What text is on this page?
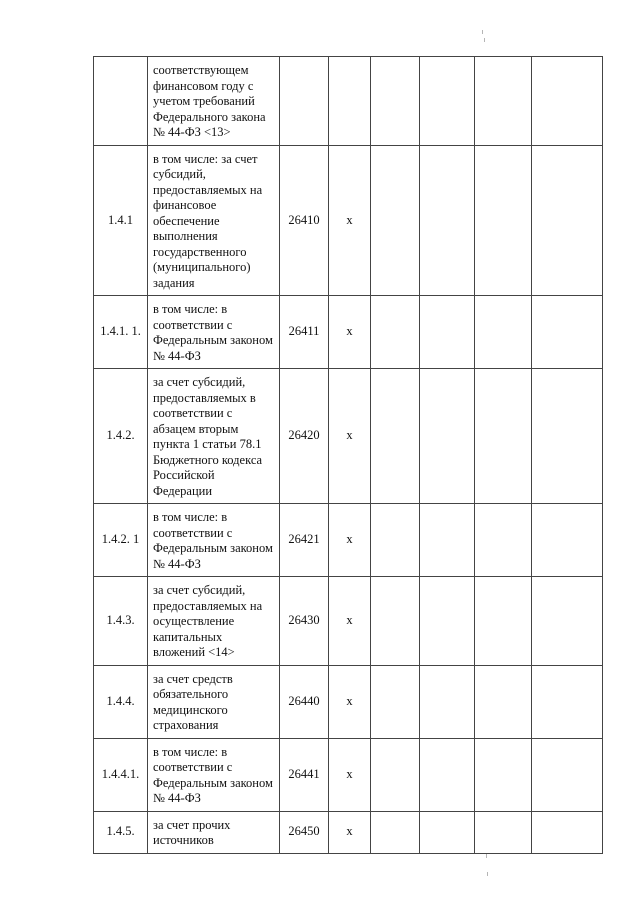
	соответствующем финансовом году с учетом требований Федерального закона № 44-ФЗ <13>						

1.4.1	в том числе: за счет субсидий, предоставляемых на финансовое обеспечение выполнения государственного (муниципального) задания	26410	x				
1.4.1. 1.	в том числе: в соответствии с Федеральным законом № 44-ФЗ	26411	x				
1.4.2.	за счет субсидий, предоставляемых в соответствии с абзацем вторым пункта 1 статьи 78.1 Бюджетного кодекса Российской Федерации	26420	x				
1.4.2. 1	в том числе: в соответствии с Федеральным законом № 44-ФЗ	26421	x				
1.4.3.	за счет субсидий, предоставляемых на осуществление капитальных вложений <14>	26430	x				
1.4.4.	за счет средств обязательного медицинского страхования	26440	x				
1.4.4.1.	в том числе: в соответствии с Федеральным законом № 44-ФЗ	26441	x				
1.4.5.	за счет прочих источников	26450	x				
